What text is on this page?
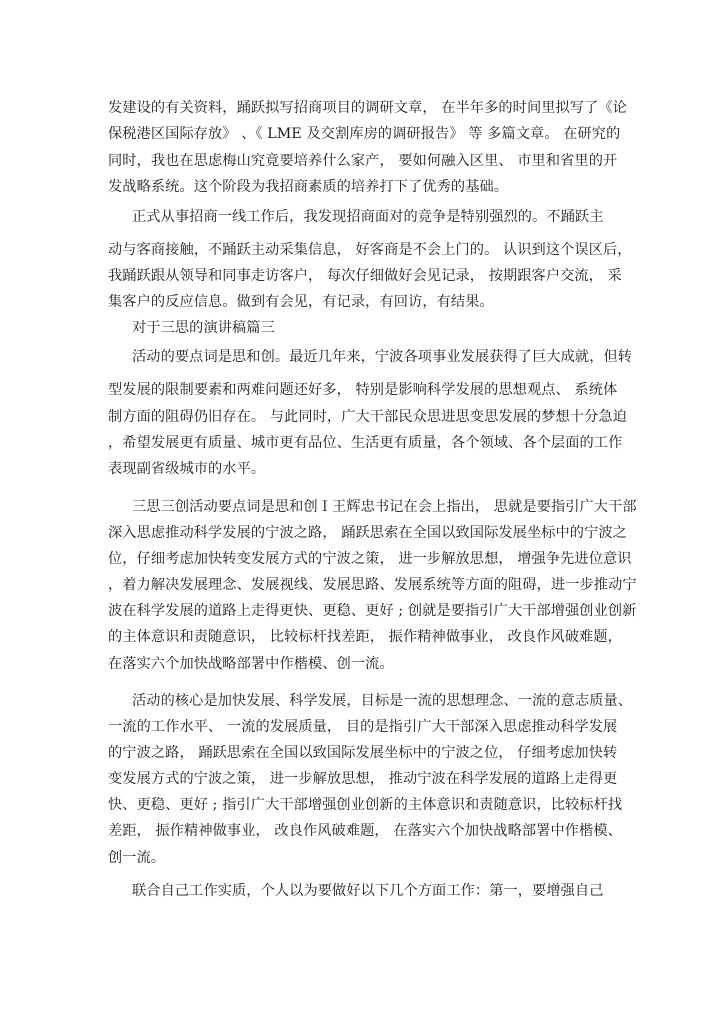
发建设的有关资料，踊跃拟写招商项目的调研文章， 在半年多的时间里拟写了《论
保税港区国际存放》 、《 LME 及交割库房的调研报告》 等 多篇文章。 在研究的
同时，我也在思虑梅山究竟要培养什么家产， 要如何融入区里、 市里和省里的开
发战略系统。这个阶段为我招商素质的培养打下了优秀的基础。
正式从事招商一线工作后，我发现招商面对的竞争是特别强烈的。不踊跃主
动与客商接触，不踊跃主动采集信息， 好客商是不会上门的。 认识到这个误区后，
我踊跃跟从领导和同事走访客户， 每次仔细做好会见记录， 按期跟客户交流， 采
集客户的反应信息。做到有会见，有记录，有回访，有结果。
对于三思的演讲稿篇三
活动的要点词是思和创。最近几年来，宁波各项事业发展获得了巨大成就，但转
型发展的限制要素和两难问题还好多， 特别是影响科学发展的思想观点、 系统体
制方面的阻碍仍旧存在。 与此同时，广大干部民众思进思变思发展的梦想十分急迫
，希望发展更有质量、城市更有品位、生活更有质量，各个领域、各个层面的工作
表现副省级城市的水平。
三思三创活动要点词是思和创Ｉ王辉忠书记在会上指出， 思就是要指引广大干部
深入思虑推动科学发展的宁波之路， 踊跃思索在全国以致国际发展坐标中的宁波之
位，仔细考虑加快转变发展方式的宁波之策， 进一步解放思想， 增强争先进位意识
，着力解决发展理念、发展视线、发展思路、发展系统等方面的阻碍，进一步推动宁
波在科学发展的道路上走得更快、更稳、更好 ; 创就是要指引广大干部增强创业创新
的主体意识和责随意识， 比较标杆找差距， 振作精神做事业， 改良作风破难题，
在落实六个加快战略部署中作楷模、创一流。
活动的核心是加快发展、科学发展，目标是一流的思想理念、一流的意志质量、
一流的工作水平、 一流的发展质量， 目的是指引广大干部深入思虑推动科学发展
的宁波之路， 踊跃思索在全国以致国际发展坐标中的宁波之位， 仔细考虑加快转
变发展方式的宁波之策， 进一步解放思想， 推动宁波在科学发展的道路上走得更
快、更稳、更好 ; 指引广大干部增强创业创新的主体意识和责随意识，比较标杆找
差距， 振作精神做事业， 改良作风破难题， 在落实六个加快战略部署中作楷模、
创一流。
联合自己工作实质，个人以为要做好以下几个方面工作：第一，要增强自己
